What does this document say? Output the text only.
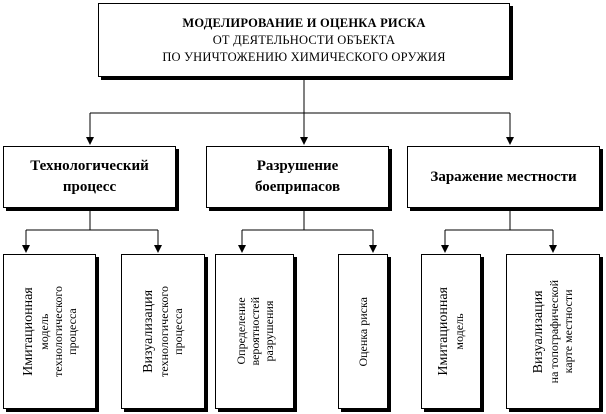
МОДЕЛИРОВАНИЕ И ОЦЕНКА РИСКА
ОТ ДЕЯТЕЛЬНОСТИ ОБЪЕКТА
ПО УНИЧТОЖЕНИЮ ХИМИЧЕСКОГО ОРУЖИЯ
Технологический
процесс
Разрушение
боеприпасов
Заражение местности
Имитационная модель технологического процесса	Визуализация технологического процесса	Определение вероятностей разрушения	Оценка риска	Имитационная модель	Визуализация на топографической карте местности
